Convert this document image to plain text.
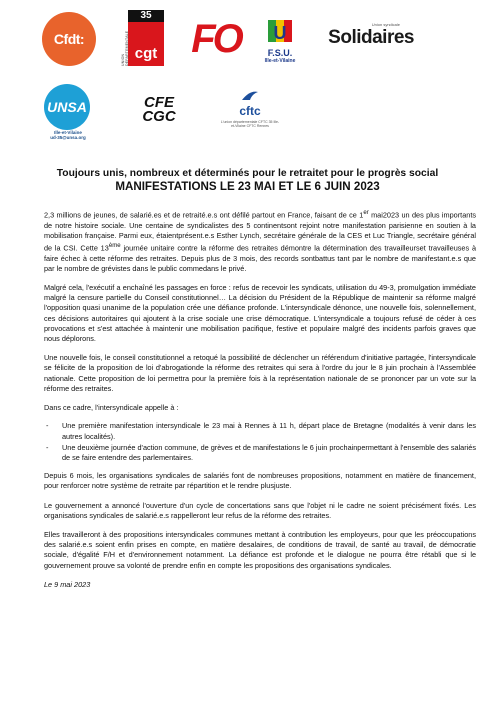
Cfdt:
UNION DÉPARTEMENTALE
35
cgt FO U
F.S.U.
Ille-et-Vilaine
Union syndicale
Solidaires
UNSA
Ille-et-Vilaine
ud-35@unsa.org
CFE
CGC	cftc
L'union départementale CFTC 35 Ille-et-Vilaine CFTC Rennes
Toujours unis, nombreux et déterminés pour le retraitet pour le progrès social
MANIFESTATIONS LE 23 MAI ET LE 6 JUIN 2023

2,3 millions de jeunes, de salarié.es et de retraité.e.s ont défilé partout en France, faisant de ce 1er mai2023 un des plus importants de notre histoire sociale. Une centaine de syndicalistes des 5 continentsont rejoint notre manifestation parisienne en soutien à la mobilisation française. Parmi eux, étaientprésent.e.s Esther Lynch, secrétaire générale de la CES et Luc Triangle, secrétaire général de la CSI. Cette 13ème journée unitaire contre la réforme des retraites démontre la détermination des travailleurset travailleuses à faire échec à cette réforme des retraites. Depuis plus de 3 mois, des records sontbattus tant par le nombre de manifestant.e.s que par le nombre de grévistes dans le public commedans le privé.

Malgré cela, l'exécutif a enchaîné les passages en force : refus de recevoir les syndicats, utilisation du 49-3, promulgation immédiate malgré la censure partielle du Conseil constitutionnel… La décision du Président de la République de maintenir sa réforme malgré l'opposition quasi unanime de la population crée une défiance profonde. L'intersyndicale dénonce, une nouvelle fois, solennellement, ces décisions autoritaires qui ajoutent à la crise sociale une crise démocratique. L'intersyndicale a toujours refusé de céder à ces provocations et s'est attachée à maintenir une mobilisation pacifique, festive et populaire malgré des incidents parfois graves que nous déplorons.

Une nouvelle fois, le conseil constitutionnel a retoqué la possibilité de déclencher un référendum d'initiative partagée, l'intersyndicale se félicite de la proposition de loi d'abrogationde la réforme des retraites qui sera à l'ordre du jour le 8 juin prochain à l'Assemblée nationale. Cette proposition de loi permettra pour la première fois à la représentation nationale de se prononcer par un vote sur la réforme des retraites.

Dans ce cadre, l'intersyndicale appelle à :

- Une première manifestation intersyndicale le 23 mai à Rennes à 11 h, départ place de Bretagne (modalités à venir dans les autres localités).
- Une deuxième journée d'action commune, de grèves et de manifestations le 6 juin prochainpermettant à l'ensemble des salariés de se faire entendre des parlementaires.

Depuis 6 mois, les organisations syndicales de salariés font de nombreuses propositions, notamment en matière de financement, pour renforcer notre système de retraite par répartition et le rendre plusjuste.

Le gouvernement a annoncé l'ouverture d'un cycle de concertations sans que l'objet ni le cadre ne soient précisément fixés. Les organisations syndicales de salarié.e.s rappelleront leur refus de la réforme des retraites.

Elles travailleront à des propositions intersyndicales communes mettant à contribution les employeurs, pour que les préoccupations des salarié.e.s soient enfin prises en compte, en matière desalaires, de conditions de travail, de santé au travail, de démocratie sociale, d'égalité F/H et d'environnement notamment. La défiance est profonde et le dialogue ne pourra être rétabli que si le gouvernement prouve sa volonté de prendre enfin en compte les propositions des organisations syndicales.

Le 9 mai 2023
